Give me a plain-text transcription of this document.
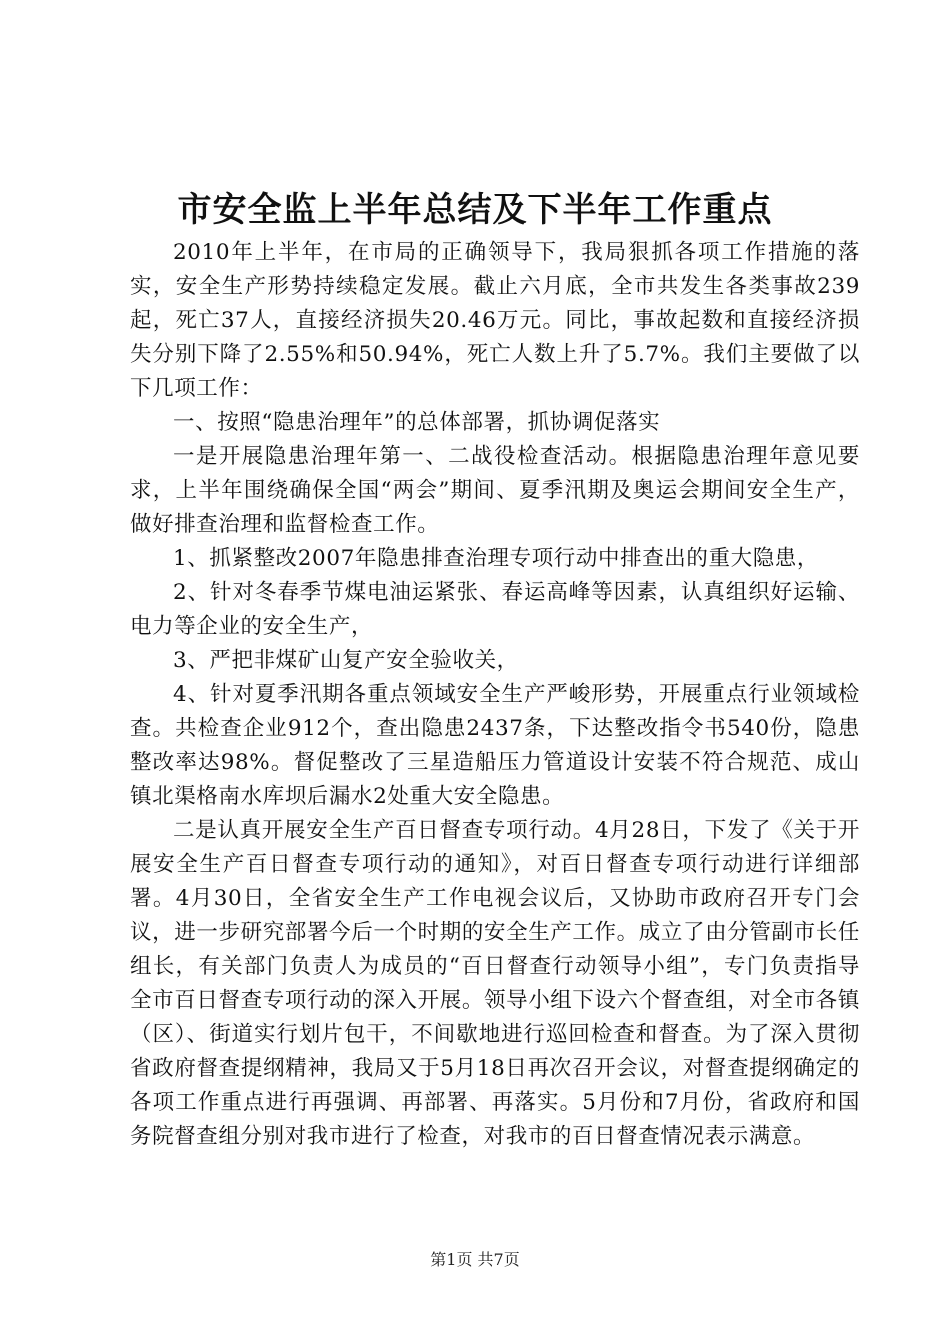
市安全监上半年总结及下半年工作重点

2010年上半年，在市局的正确领导下，我局狠抓各项工作措施的落实，安全生产形势持续稳定发展。截止六月底，全市共发生各类事故239起，死亡37人，直接经济损失20.46万元。同比，事故起数和直接经济损失分别下降了2.55%和50.94%，死亡人数上升了5.7%。我们主要做了以下几项工作：

一、按照“隐患治理年”的总体部署，抓协调促落实

一是开展隐患治理年第一、二战役检查活动。根据隐患治理年意见要求，上半年围绕确保全国“两会”期间、夏季汛期及奥运会期间安全生产，做好排查治理和监督检查工作。

1、抓紧整改2007年隐患排查治理专项行动中排查出的重大隐患，

2、针对冬春季节煤电油运紧张、春运高峰等因素，认真组织好运输、电力等企业的安全生产，

3、严把非煤矿山复产安全验收关，

4、针对夏季汛期各重点领域安全生产严峻形势，开展重点行业领域检查。共检查企业912个，查出隐患2437条，下达整改指令书540份，隐患整改率达98%。督促整改了三星造船压力管道设计安装不符合规范、成山镇北渠格南水库坝后漏水2处重大安全隐患。

二是认真开展安全生产百日督查专项行动。4月28日，下发了《关于开展安全生产百日督查专项行动的通知》，对百日督查专项行动进行详细部署。4月30日，全省安全生产工作电视会议后，又协助市政府召开专门会议，进一步研究部署今后一个时期的安全生产工作。成立了由分管副市长任组长，有关部门负责人为成员的“百日督查行动领导小组”，专门负责指导全市百日督查专项行动的深入开展。领导小组下设六个督查组，对全市各镇（区）、街道实行划片包干，不间歇地进行巡回检查和督查。为了深入贯彻省政府督查提纲精神，我局又于5月18日再次召开会议，对督查提纲确定的各项工作重点进行再强调、再部署、再落实。5月份和7月份，省政府和国务院督查组分别对我市进行了检查，对我市的百日督查情况表示满意。

第1页 共7页
